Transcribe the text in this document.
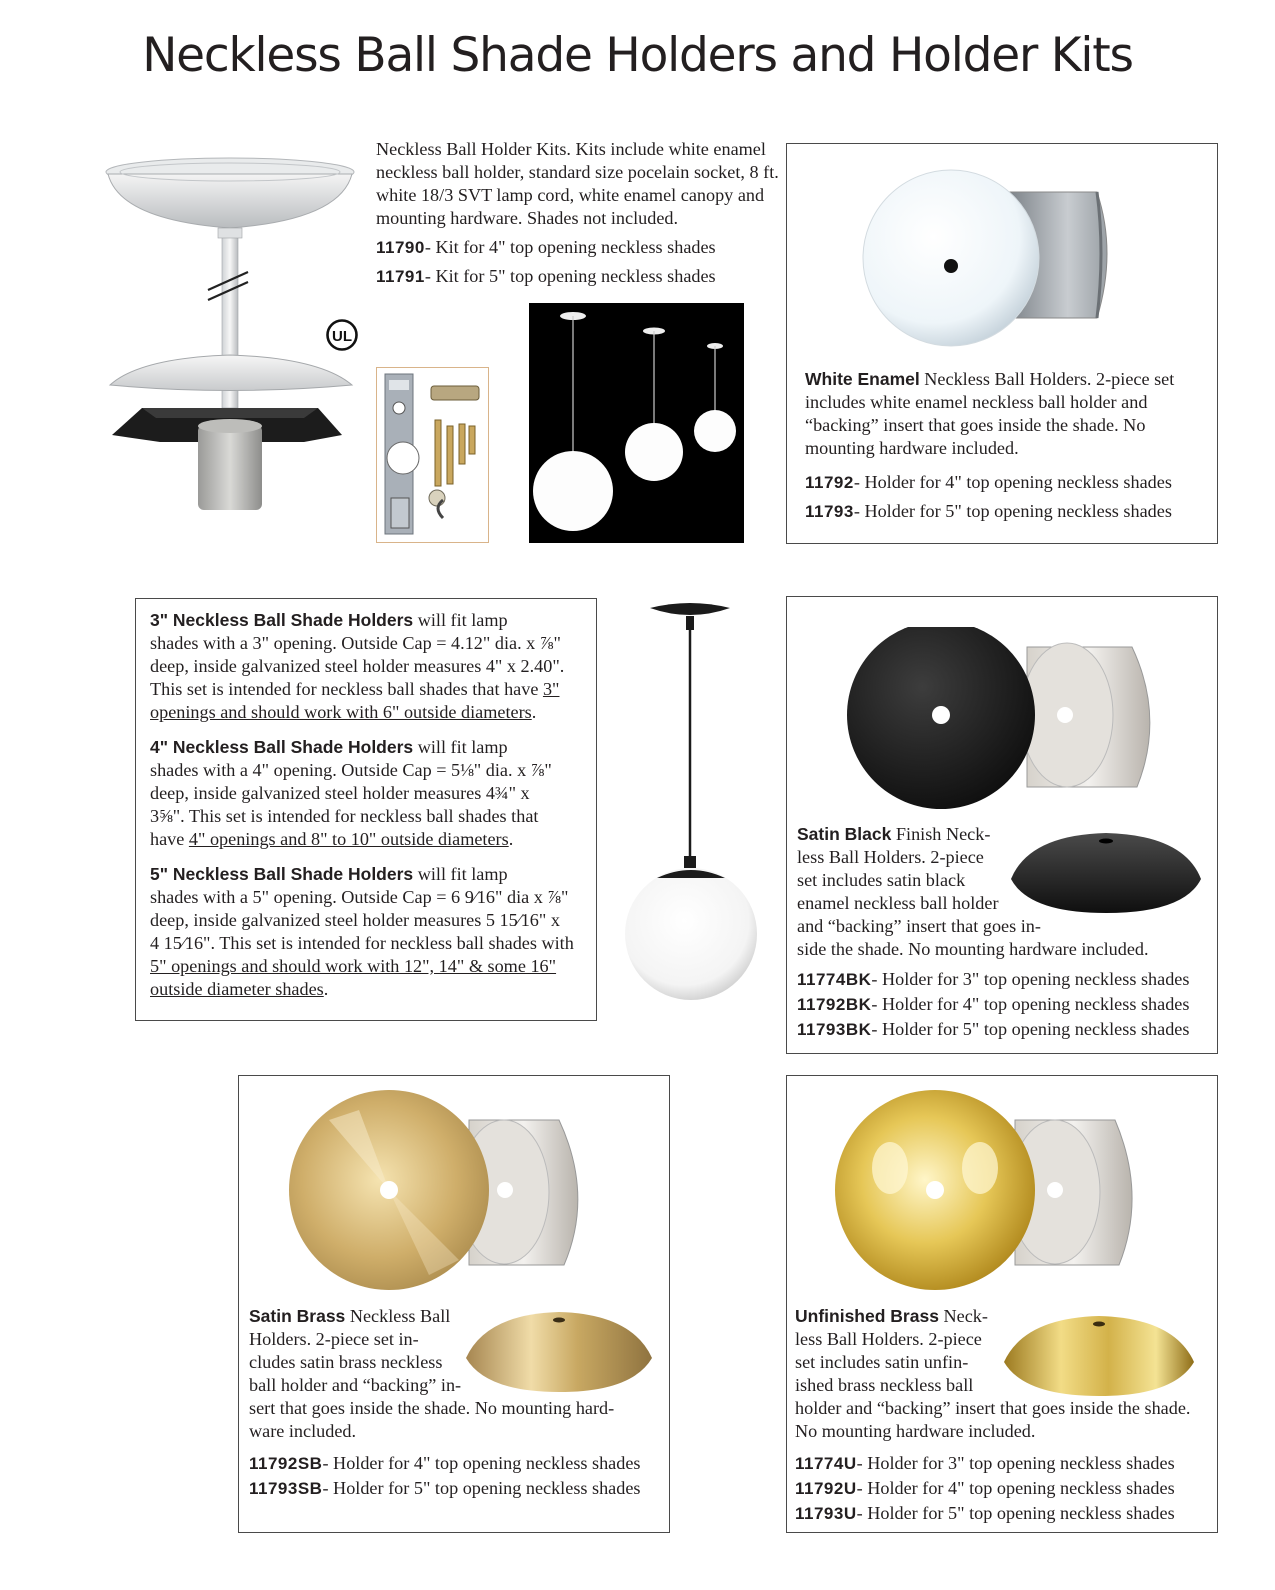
Neckless Ball Shade Holders and Holder Kits
UL
Neckless Ball Holder Kits. Kits include white enamel
neckless ball holder, standard size pocelain socket, 8 ft.
white 18/3 SVT lamp cord, white enamel canopy and
mounting hardware. Shades not included.
11790- Kit for 4" top opening neckless shades
11791- Kit for 5" top opening neckless shades
White Enamel Neckless Ball Holders. 2-piece set
includes white enamel neckless ball holder and
“backing” insert that goes inside the shade. No
mounting hardware included.
11792- Holder for 4" top opening neckless shades
11793- Holder for 5" top opening neckless shades
3" Neckless Ball Shade Holders will fit lamp
shades with a 3" opening. Outside Cap = 4.12" dia. x ⅞"
deep, inside galvanized steel holder measures 4" x 2.40".
This set is intended for neckless ball shades that have 3"
openings and should work with 6" outside diameters.
4" Neckless Ball Shade Holders will fit lamp
shades with a 4" opening. Outside Cap = 5⅛" dia. x ⅞"
deep, inside galvanized steel holder measures 4¾" x
3⅝". This set is intended for neckless ball shades that
have 4" openings and 8" to 10" outside diameters.
5" Neckless Ball Shade Holders will fit lamp
shades with a 5" opening. Outside Cap = 6 9⁄16" dia x ⅞"
deep, inside galvanized steel holder measures 5 15⁄16" x
4 15⁄16". This set is intended for neckless ball shades with
5" openings and should work with 12", 14" & some 16"
outside diameter shades.
Satin Black Finish Neck-
less Ball Holders. 2-piece
set includes satin black
enamel neckless ball holder
and “backing” insert that goes in-
side the shade. No mounting hardware included.
11774BK- Holder for 3" top opening neckless shades
11792BK- Holder for 4" top opening neckless shades
11793BK- Holder for 5" top opening neckless shades
Satin Brass Neckless Ball
Holders. 2-piece set in-
cludes satin brass neckless
ball holder and “backing” in-
sert that goes inside the shade. No mounting hard-
ware included.
11792SB- Holder for 4" top opening neckless shades
11793SB- Holder for 5" top opening neckless shades
Unfinished Brass Neck-
less Ball Holders. 2-piece
set includes satin unfin-
ished brass neckless ball
holder and “backing” insert that goes inside the shade.
No mounting hardware included.
11774U- Holder for 3" top opening neckless shades
11792U- Holder for 4" top opening neckless shades
11793U- Holder for 5" top opening neckless shades
